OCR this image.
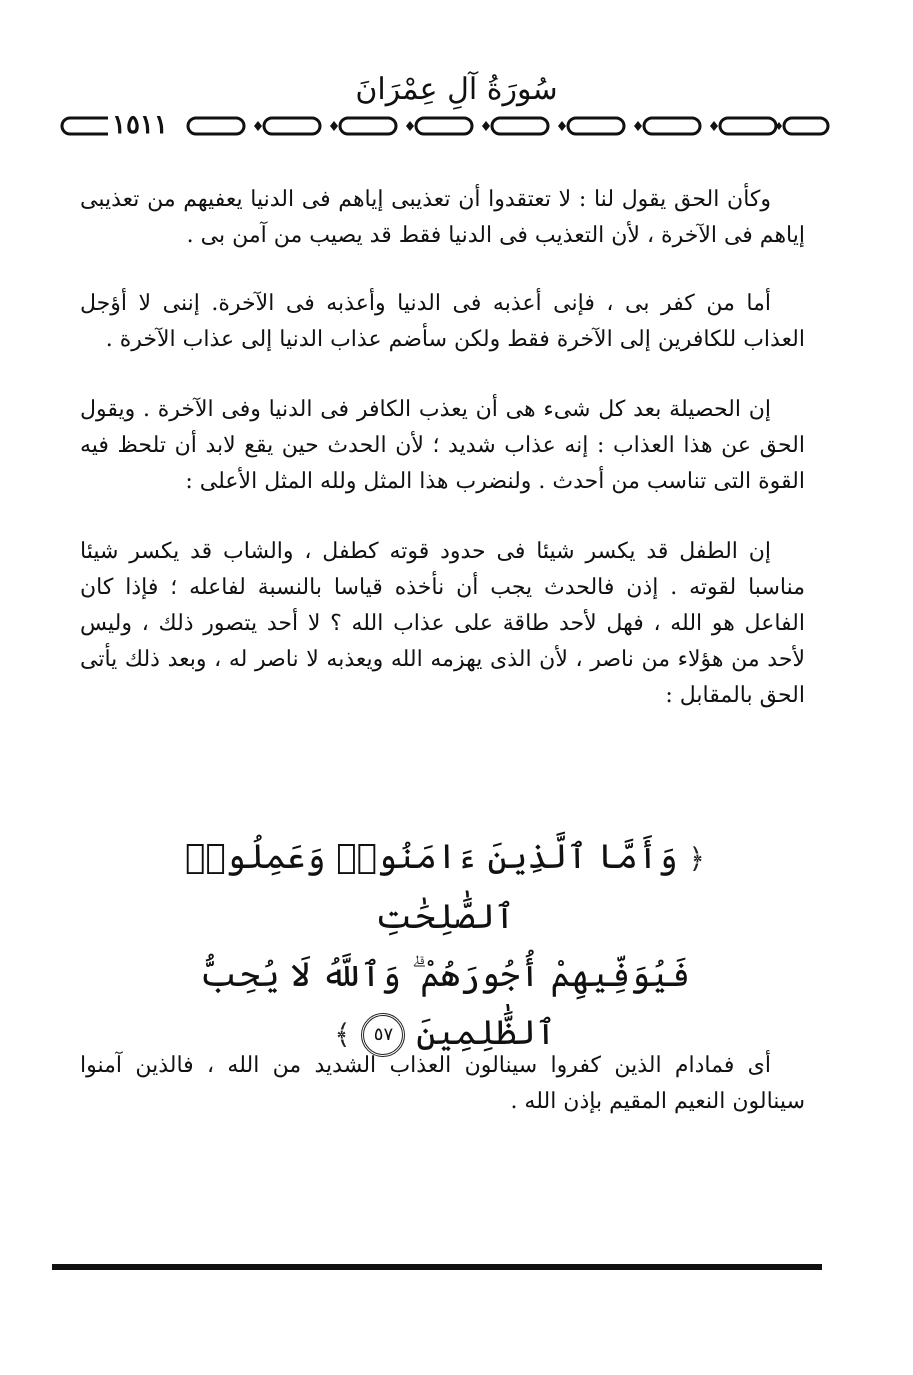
سُورَةُ آلِ عِمْرَانَ
١٥١١

وكأن الحق يقول لنا : لا تعتقدوا أن تعذيبى إياهم فى الدنيا يعفيهم من تعذيبى إياهم فى الآخرة ، لأن التعذيب فى الدنيا فقط قد يصيب من آمن بى .

أما من كفر بى ، فإنى أعذبه فى الدنيا وأعذبه فى الآخرة. إننى لا أؤجل العذاب للكافرين إلى الآخرة فقط ولكن سأضم عذاب الدنيا إلى عذاب الآخرة .

إن الحصيلة بعد كل شىء هى أن يعذب الكافر فى الدنيا وفى الآخرة . ويقول الحق عن هذا العذاب : إنه عذاب شديد ؛ لأن الحدث حين يقع لابد أن تلحظ فيه القوة التى تناسب من أحدث . ولنضرب هذا المثل ولله المثل الأعلى :

إن الطفل قد يكسر شيئا فى حدود قوته كطفل ، والشاب قد يكسر شيئا مناسبا لقوته . إذن فالحدث يجب أن نأخذه قياسا بالنسبة لفاعله ؛ فإذا كان الفاعل هو الله ، فهل لأحد طاقة على عذاب الله ؟ لا أحد يتصور ذلك ، وليس لأحد من هؤلاء من ناصر ، لأن الذى يهزمه الله ويعذبه لا ناصر له ، وبعد ذلك يأتى الحق بالمقابل :

﴿ وَأَمَّا ٱلَّذِينَ ءَامَنُوا۟ وَعَمِلُوا۟ ٱلصَّٰلِحَٰتِ
فَيُوَفِّيهِمْ أُجُورَهُمْ ۗ وَٱللَّهُ لَا يُحِبُّ ٱلظَّٰلِمِينَ ٥٧ ﴾

أى فمادام الذين كفروا سينالون العذاب الشديد من الله ، فالذين آمنوا سينالون النعيم المقيم بإذن الله .
